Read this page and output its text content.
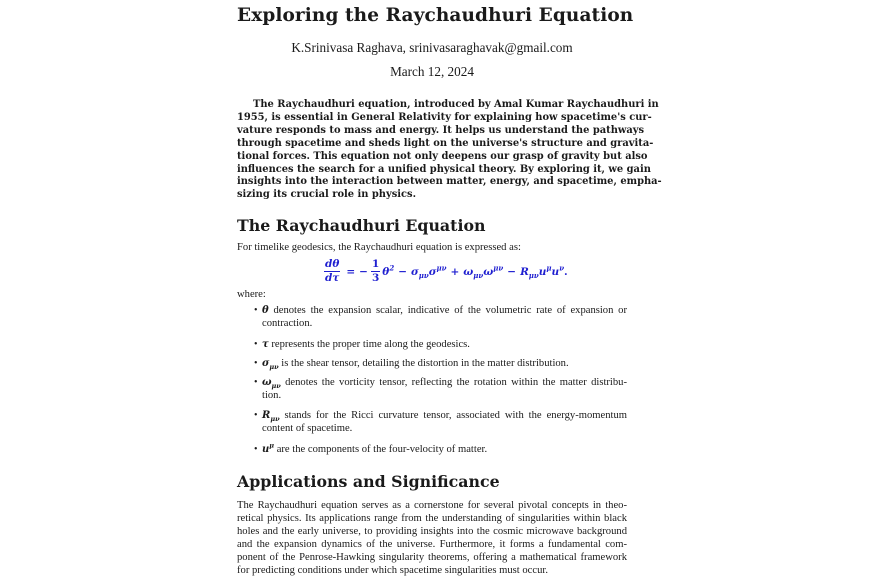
Exploring the Raychaudhuri Equation
K.Srinivasa Raghava, srinivasaraghavak@gmail.com
March 12, 2024
The Raychaudhuri equation, introduced by Amal Kumar Raychaudhuri in
1955, is essential in General Relativity for explaining how spacetime's cur-
vature responds to mass and energy. It helps us understand the pathways
through spacetime and sheds light on the universe's structure and gravita-
tional forces. This equation not only deepens our grasp of gravity but also
influences the search for a unified physical theory. By exploring it, we gain
insights into the interaction between matter, energy, and spacetime, empha-
sizing its crucial role in physics.
The Raychaudhuri Equation
For timelike geodesics, the Raychaudhuri equation is expressed as:
$\frac{d\theta}{d\tau}$ = − $\frac{1}{3} \theta^2 - \sigma_{\mu\nu}\sigma^{\mu\nu} + \omega_{\mu\nu}\omega^{\mu\nu} - R_{\mu\nu}u^\mu u^\nu$ .
where:
• θ denotes the expansion scalar, indicative of the volumetric rate of expansion or
contraction.
• τ represents the proper time along the geodesics.
• $\sigma_{\mu\nu}$ is the shear tensor, detailing the distortion in the matter distribution.
• $\omega_{\mu\nu}$ denotes the vorticity tensor, reflecting the rotation within the matter distribu-
tion.
• $R_{\mu\nu}$ stands for the Ricci curvature tensor, associated with the energy-momentum
content of spacetime.
• $u^\mu$ are the components of the four-velocity of matter.
Applications and Significance
The Raychaudhuri equation serves as a cornerstone for several pivotal concepts in theo-
retical physics. Its applications range from the understanding of singularities within black
holes and the early universe, to providing insights into the cosmic microwave background
and the expansion dynamics of the universe. Furthermore, it forms a fundamental com-
ponent of the Penrose-Hawking singularity theorems, offering a mathematical framework
for predicting conditions under which spacetime singularities must occur.
